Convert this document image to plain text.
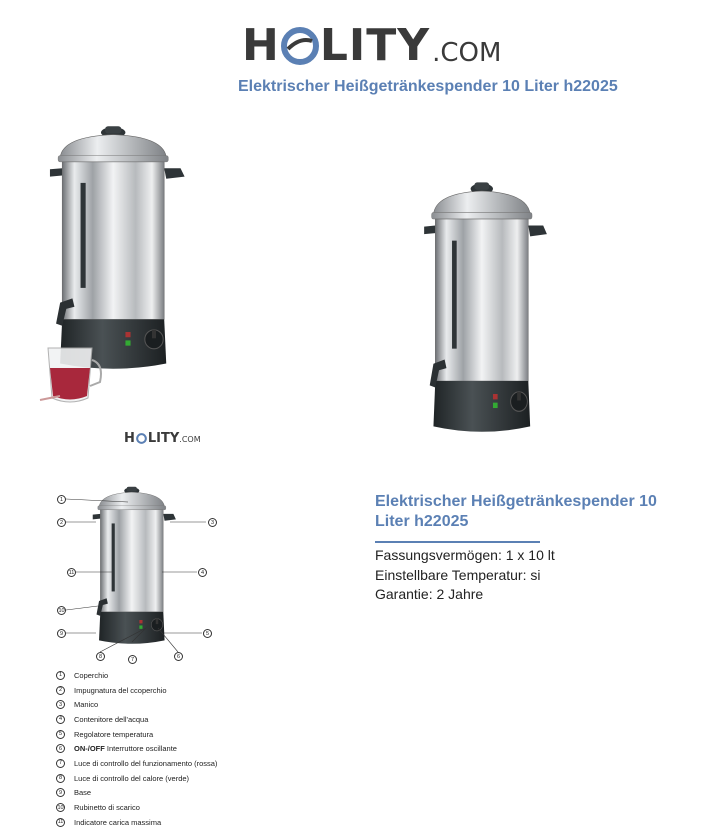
H LITY .COM
Elektrischer Heißgetränkespender 10 Liter h22025
H LITY .COM
1
2	3
4
5
6
7
8
9
10
11
1	Coperchio
2	Impugnatura del ccoperchio
3	Manico
4	Contenitore dell'acqua
5	Regolatore temperatura
6	ON-/OFF Interruttore oscillante
7	Luce di controllo del funzionamento (rossa)
8	Luce di controllo del calore (verde)
9	Base
10 Rubinetto di scarico
11 Indicatore carica massima
Elektrischer Heißgetränkespender 10 Liter h22025
Fassungsvermögen: 1 x 10 lt
Einstellbare Temperatur: si
Garantie: 2 Jahre
